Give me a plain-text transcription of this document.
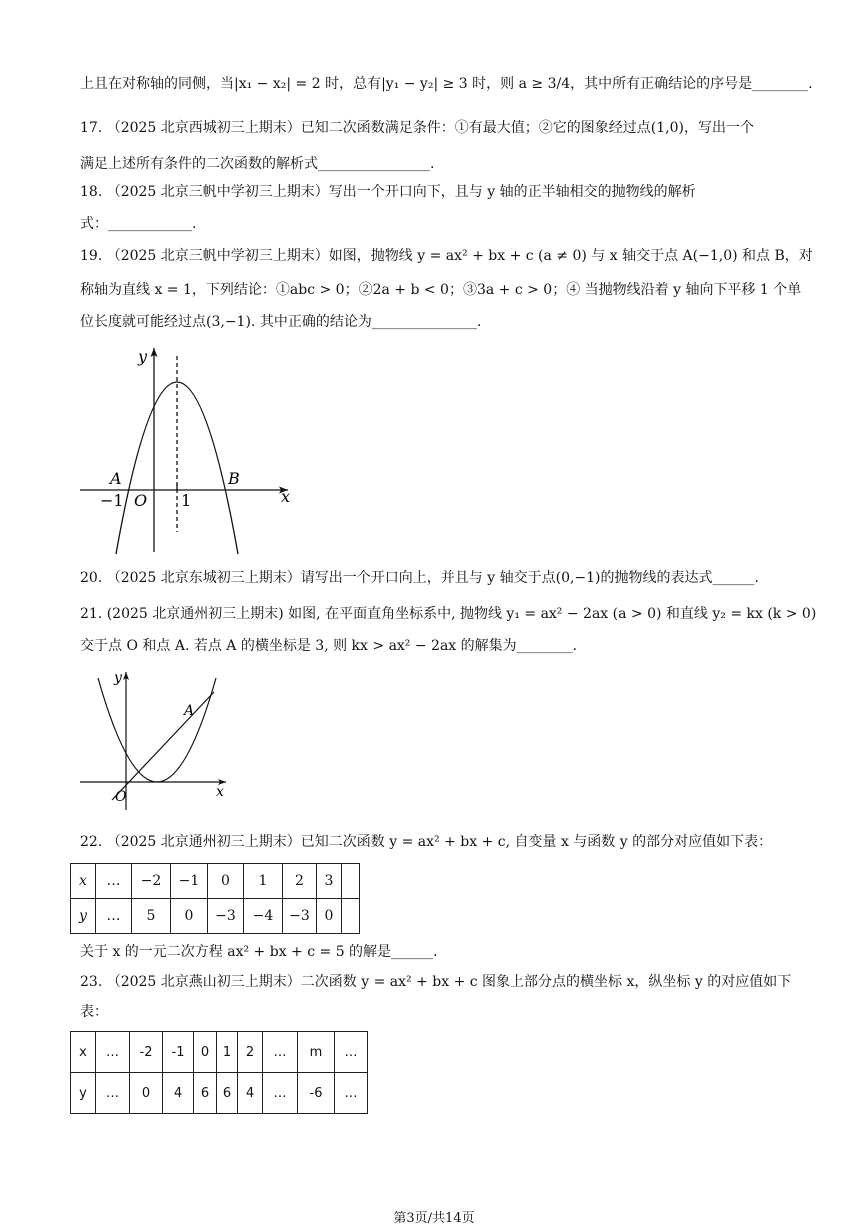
上且在对称轴的同侧，当|x₁ − x₂| = 2 时，总有|y₁ − y₂| ≥ 3 时，则 a ≥ 3/4，其中所有正确结论的序号是________.
17. （2025 北京西城初三上期末）已知二次函数满足条件：①有最大值；②它的图象经过点(1,0)，写出一个
满足上述所有条件的二次函数的解析式________________.
18. （2025 北京三帆中学初三上期末）写出一个开口向下，且与 y 轴的正半轴相交的抛物线的解析
式：____________.
19. （2025 北京三帆中学初三上期末）如图，抛物线 y = ax² + bx + c (a ≠ 0) 与 x 轴交于点 A(−1,0) 和点 B，对
称轴为直线 x = 1，下列结论：①abc > 0；②2a + b < 0；③3a + c > 0；④ 当抛物线沿着 y 轴向下平移 1 个单
位长度就可能经过点(3,−1). 其中正确的结论为_______________.
y
x
A	B
−1 O 1
20. （2025 北京东城初三上期末）请写出一个开口向上，并且与 y 轴交于点(0,−1)的抛物线的表达式______.
21. (2025 北京通州初三上期末) 如图, 在平面直角坐标系中, 抛物线 y₁ = ax² − 2ax (a > 0) 和直线 y₂ = kx (k > 0)
交于点 O 和点 A. 若点 A 的横坐标是 3, 则 kx > ax² − 2ax 的解集为________.
y
x
A
O
22. （2025 北京通州初三上期末）已知二次函数 y = ax² + bx + c, 自变量 x 与函数 y 的部分对应值如下表：
x	…	−2	−1	0	1	2	3	
y	…	5	0	−3	−4	−3	0	
关于 x 的一元二次方程 ax² + bx + c = 5 的解是______.
23. （2025 北京燕山初三上期末）二次函数 y = ax² + bx + c 图象上部分点的横坐标 x，纵坐标 y 的对应值如下
表：
x	…	-2	-1	0	1	2	…	m	…
y	…	0	4	6	6	4	…	-6	…
第3页/共14页
